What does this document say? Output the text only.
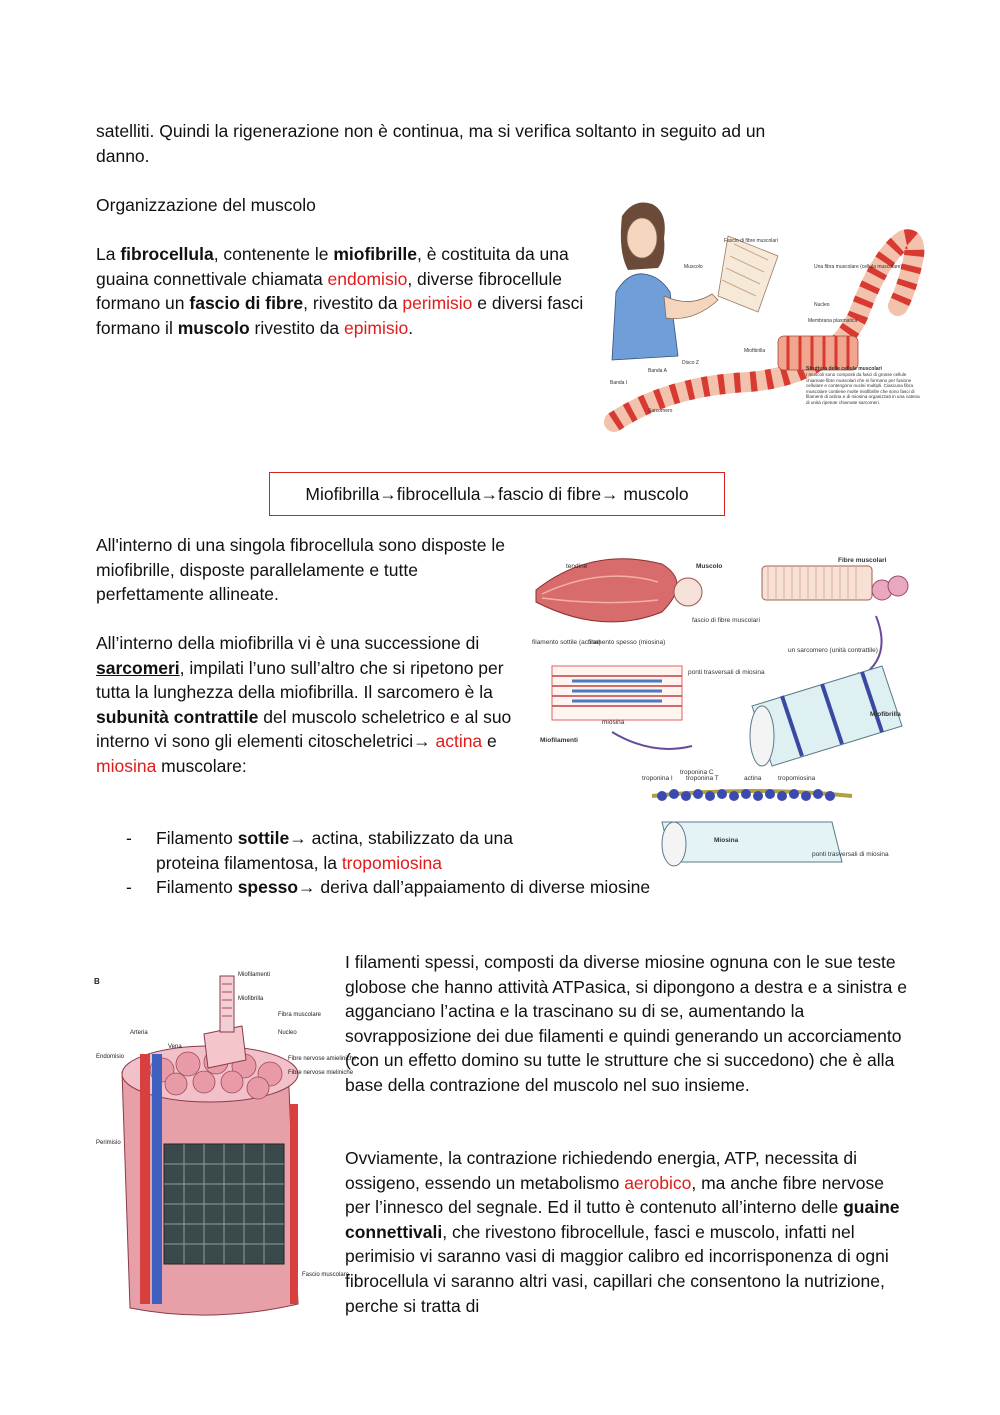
satelliti. Quindi la rigenerazione non è continua, ma si verifica soltanto in seguito ad un
danno.

Organizzazione del muscolo

La fibrocellula, contenente le miofibrille, è costituita da una guaina connettivale chiamata endomisio, diverse fibrocellule formano un fascio di fibre, rivestito da perimisio e diversi fasci formano il muscolo rivestito da epimisio.

Fascio di fibre muscolari
Muscolo	Una fibra muscolare (cellula muscolare)
Nucleo
Membrana plasmatica
Miofibrilla
Disco Z
Banda A
Banda I
Sarcomero
Struttura delle cellule muscolari
I muscoli sono composti da fasci di grosse cellule chiamate fibre muscolari che si formano per fusione cellulare e contengono nuclei multipli. Ciascuna fibra muscolare contiene molte miofibrille che sono fasci di filamenti di actina e di miosina organizzati in una catena di unità ripetute chiamate sarcomeri.
Miofibrilla→fibrocellula→fascio di fibre→ muscolo

All'interno di una singola fibrocellula sono disposte le miofibrille, disposte parallelamente e tutte perfettamente allineate.

All’interno della miofibrilla vi è una successione di sarcomeri, impilati l’uno sull’altro che si ripetono per tutta la lunghezza della miofibrilla. Il sarcomero è la subunità contrattile del muscolo scheletrico e al suo interno vi sono gli elementi citoscheletrici→ actina e miosina muscolare:

tendine	Muscolo
Fibre muscolari
fascio di fibre muscolari
filamento sottile (actina)
filamento spesso (miosina)
un sarcomero (unità contrattile)
ponti trasversali di miosina
miosina
Miofilamenti
Miofibrilla
troponina C
troponina I troponina T	actina	tropomiosina
Miosina
ponti trasversali di miosina
-	Filamento sottile→ actina, stabilizzato da una proteina filamentosa, la tropomiosina
-	Filamento spesso→ deriva dall’appaiamento di diverse miosine
B
Miofilamenti
Miofibrilla
Fibra muscolare
Nucleo
Fibre nervose amieliniche
Fibre nervose mieliniche
Fascio muscolare
Arteria
Vena
Endomisio
Perimisio

I filamenti spessi, composti da diverse miosine ognuna con le sue teste globose che hanno attività ATPasica, si dipongono a destra e a sinistra e agganciano l’actina e la trascinano su di se, aumentando la sovrapposizione dei due filamenti e quindi generando un accorciamento (con un effetto domino su tutte le strutture che si succedono) che è alla base della contrazione del muscolo nel suo insieme.

Ovviamente, la contrazione richiedendo energia, ATP, necessita di ossigeno, essendo un metabolismo aerobico, ma anche fibre nervose per l’innesco del segnale. Ed il tutto è contenuto all’interno delle guaine connettivali, che rivestono fibrocellule, fasci e muscolo, infatti nel perimisio vi saranno vasi di maggior calibro ed incorrisponenza di ogni fibrocellula vi saranno altri vasi, capillari che consentono la nutrizione, perche si tratta di
